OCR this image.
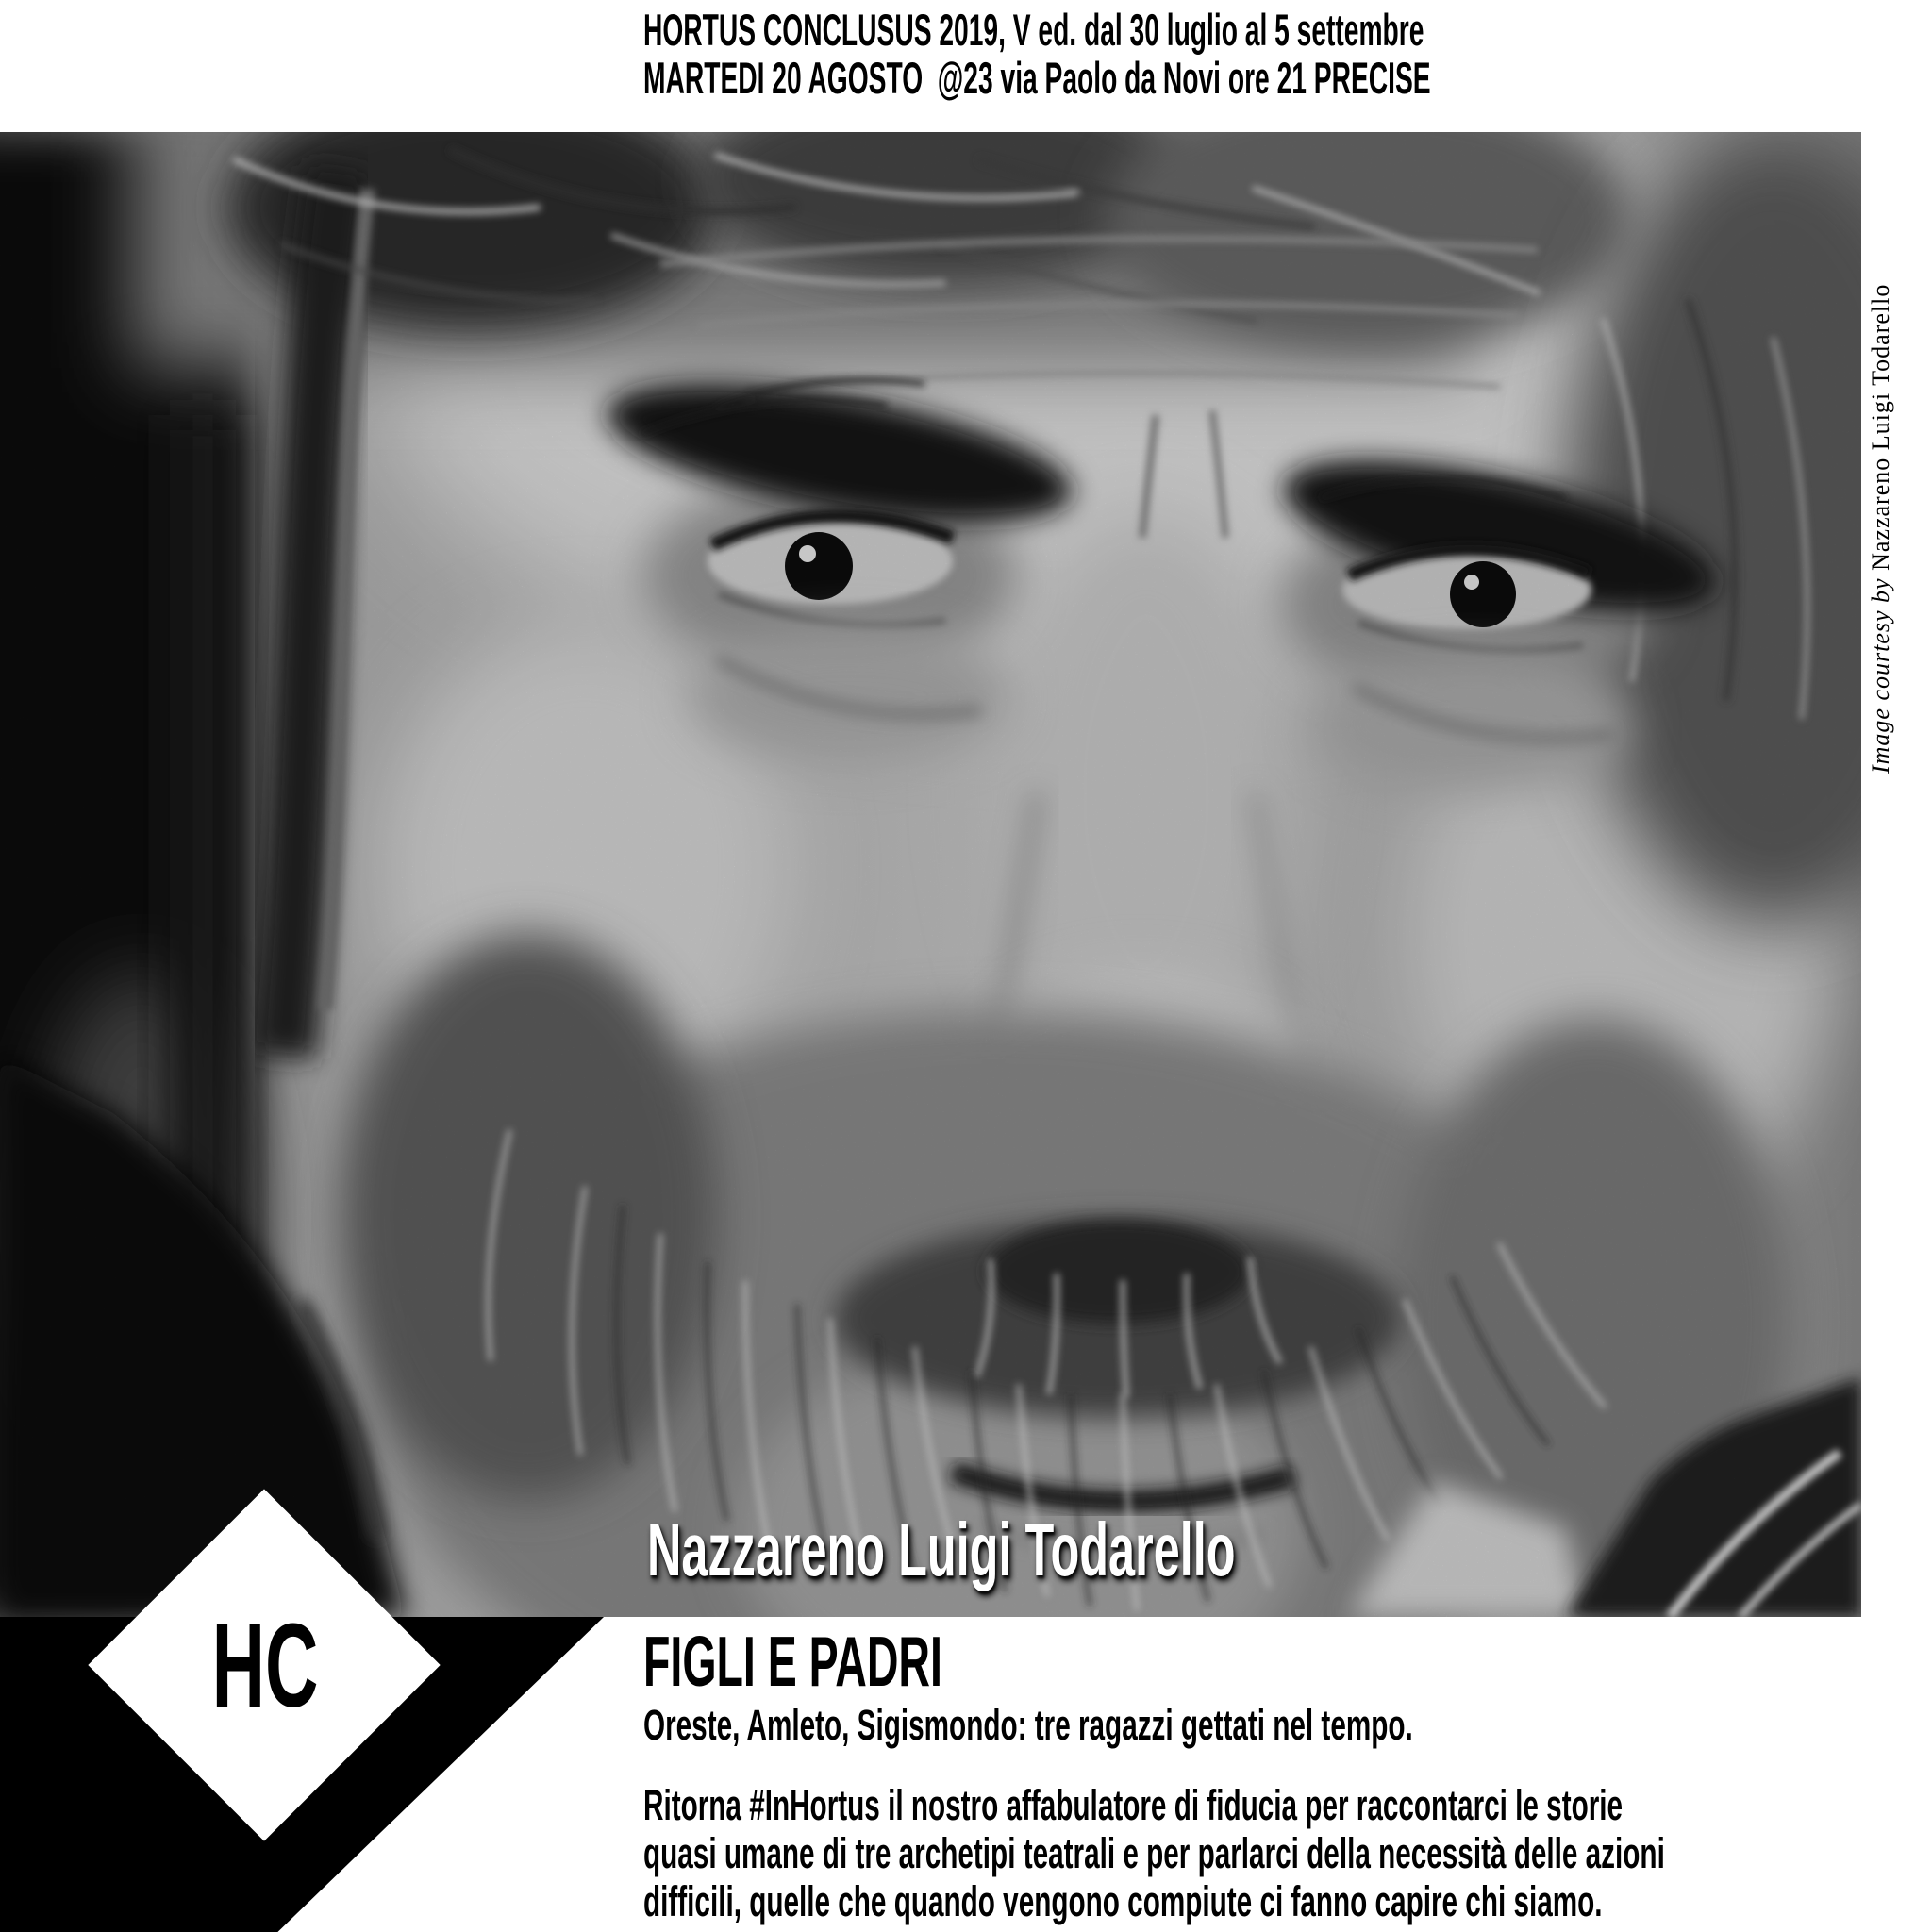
HORTUS CONCLUSUS 2019, V ed. dal 30 luglio al 5 settembre
MARTEDI 20 AGOSTO  @23 via Paolo da Novi ore 21 PRECISE
Image courtesy by Nazzareno Luigi Todarello
Nazzareno Luigi Todarello
HC	FIGLI E PADRI
Oreste, Amleto, Sigismondo: tre ragazzi gettati nel tempo.

Ritorna #InHortus il nostro affabulatore di fiducia per raccontarci le storie
quasi umane di tre archetipi teatrali e per parlarci della necessità delle azioni
difficili, quelle che quando vengono compiute ci fanno capire chi siamo.
